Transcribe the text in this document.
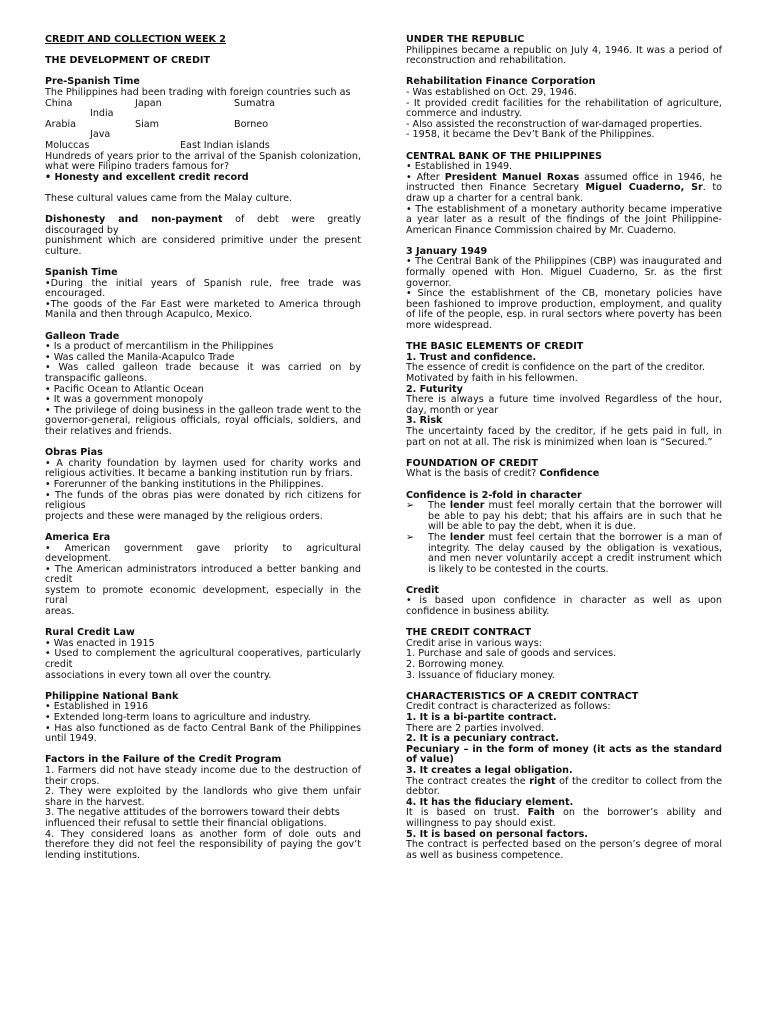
CREDIT AND COLLECTION WEEK 2

THE DEVELOPMENT OF CREDIT

Pre-Spanish Time

The Philippines had been trading with foreign countries such as

China	Japan	Sumatra

India

Arabia	Siam	Borneo

Java

Moluccas	East Indian islands

Hundreds of years prior to the arrival of the Spanish colonization, what were Filipino traders famous for?

• Honesty and excellent credit record

These cultural values came from the Malay culture.

Dishonesty and non-payment of debt were greatly discouraged by

punishment which are considered primitive under the present culture.

Spanish Time

•During the initial years of Spanish rule, free trade was encouraged.

•The goods of the Far East were marketed to America through Manila and then through Acapulco, Mexico.

Galleon Trade

• Is a product of mercantilism in the Philippines

• Was called the Manila-Acapulco Trade

• Was called galleon trade because it was carried on by transpacific galleons.

• Pacific Ocean to Atlantic Ocean

• It was a government monopoly

• The privilege of doing business in the galleon trade went to the governor-general, religious officials, royal officials, soldiers, and their relatives and friends.

Obras Pias

• A charity foundation by laymen used for charity works and religious activities. It became a banking institution run by friars.

• Forerunner of the banking institutions in the Philippines.

• The funds of the obras pias were donated by rich citizens for religious

projects and these were managed by the religious orders.

America Era

• American government gave priority to agricultural development.

• The American administrators introduced a better banking and credit

system to promote economic development, especially in the rural

areas.

Rural Credit Law

• Was enacted in 1915

• Used to complement the agricultural cooperatives, particularly credit

associations in every town all over the country.

Philippine National Bank

• Established in 1916

• Extended long-term loans to agriculture and industry.

• Has also functioned as de facto Central Bank of the Philippines until 1949.

Factors in the Failure of the Credit Program

1. Farmers did not have steady income due to the destruction of their crops.

2. They were exploited by the landlords who give them unfair share in the harvest.

3. The negative attitudes of the borrowers toward their debts

influenced their refusal to settle their financial obligations.

4. They considered loans as another form of dole outs and therefore they did not feel the responsibility of paying the gov’t lending institutions.

UNDER THE REPUBLIC

Philippines became a republic on July 4, 1946. It was a period of reconstruction and rehabilitation.

Rehabilitation Finance Corporation

- Was established on Oct. 29, 1946.

- It provided credit facilities for the rehabilitation of agriculture, commerce and industry.

- Also assisted the reconstruction of war-damaged properties.

- 1958, it became the Dev’t Bank of the Philippines.

CENTRAL BANK OF THE PHILIPPINES

• Established in 1949.

• After President Manuel Roxas assumed office in 1946, he instructed then Finance Secretary Miguel Cuaderno, Sr. to draw up a charter for a central bank.

• The establishment of a monetary authority became imperative a year later as a result of the findings of the Joint Philippine- American Finance Commission chaired by Mr. Cuaderno.

3 January 1949

• The Central Bank of the Philippines (CBP) was inaugurated and formally opened with Hon. Miguel Cuaderno, Sr. as the first governor.

• Since the establishment of the CB, monetary policies have been fashioned to improve production, employment, and quality of life of the people, esp. in rural sectors where poverty has been more widespread.

THE BASIC ELEMENTS OF CREDIT

1. Trust and confidence.

The essence of credit is confidence on the part of the creditor.

Motivated by faith in his fellowmen.

2. Futurity

There is always a future time involved Regardless of the hour, day, month or year

3. Risk

The uncertainty faced by the creditor, if he gets paid in full, in part on not at all. The risk is minimized when loan is “Secured.”

FOUNDATION OF CREDIT

What is the basis of credit? Confidence

Confidence is 2-fold in character

➢	The lender must feel morally certain that the borrower will be able to pay his debt; that his affairs are in such that he will be able to pay the debt, when it is due.
➢	The lender must feel certain that the borrower is a man of integrity. The delay caused by the obligation is vexatious, and men never voluntarily accept a credit instrument which is likely to be contested in the courts.

Credit

• is based upon confidence in character as well as upon confidence in business ability.

THE CREDIT CONTRACT

Credit arise in various ways:

1. Purchase and sale of goods and services.

2. Borrowing money.

3. Issuance of fiduciary money.

CHARACTERISTICS OF A CREDIT CONTRACT

Credit contract is characterized as follows:

1. It is a bi-partite contract.

There are 2 parties involved.

2. It is a pecuniary contract.

Pecuniary – in the form of money (it acts as the standard of value)

3. It creates a legal obligation.

The contract creates the right of the creditor to collect from the debtor.

4. It has the fiduciary element.

It is based on trust. Faith on the borrower’s ability and willingness to pay should exist.

5. It is based on personal factors.

The contract is perfected based on the person’s degree of moral as well as business competence.
